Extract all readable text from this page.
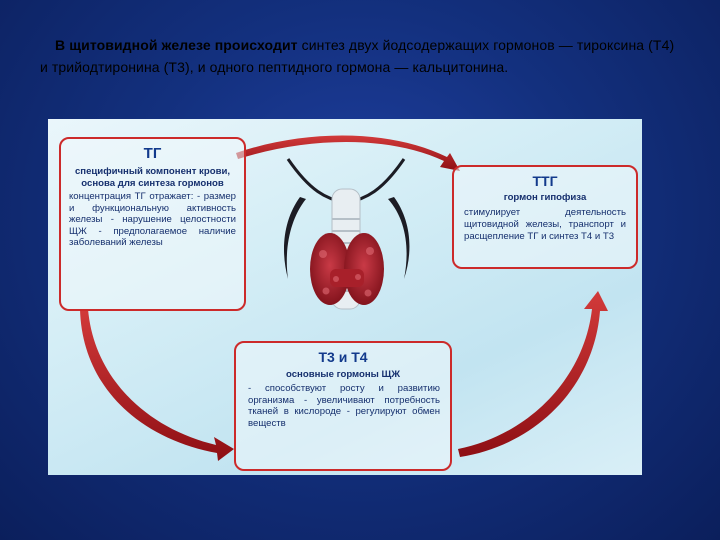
В щитовидной железе происходит синтез двух йодсодержащих гормонов — тироксина (Т4) и трийодтиронина (Т3), и одного пептидного гормона — кальцитонина.
ТГ
специфичный компонент крови, основа для синтеза гормонов
концентрация ТГ отражает: - размер и функциональную активность железы - нарушение целостности ЩЖ - предполагаемое наличие заболеваний железы
ТТГ
гормон гипофиза
стимулирует деятельность щитовидной железы, транспорт и расщепление ТГ и синтез Т4 и Т3
Т3 и Т4
основные гормоны ЩЖ
- способствуют росту и развитию организма - увеличивают потребность тканей в кислороде - регулируют обмен веществ
